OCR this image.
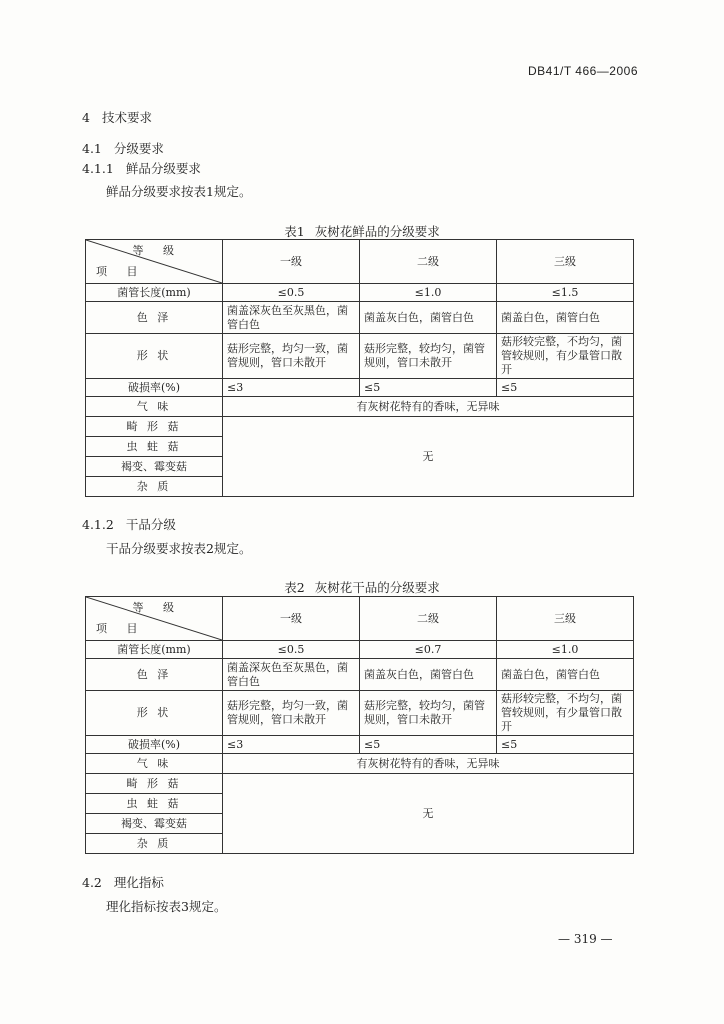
DB41/T 466—2006
4 技术要求
4.1 分级要求
4.1.1 鲜品分级要求
鲜品分级要求按表1规定。
表1 灰树花鲜品的分级要求
等 级
项 目	一级	二级	三级
菌管长度(mm)	≤0.5	≤1.0	≤1.5
色 泽	菌盖深灰色至灰黑色，菌管白色	菌盖灰白色，菌管白色	菌盖白色，菌管白色
形 状	菇形完整，均匀一致，菌管规则，管口未散开	菇形完整，较均匀，菌管规则，管口未散开	菇形较完整，不均匀，菌管较规则，有少量管口散开
破损率(%)	≤3	≤5	≤5
气 味	有灰树花特有的香味，无异味		
畸 形 菇	无		
虫 蛀 菇			
褐变、霉变菇			
杂 质			
4.1.2 干品分级
干品分级要求按表2规定。
表2 灰树花干品的分级要求
等 级
项 目	一级	二级	三级
菌管长度(mm)	≤0.5	≤0.7	≤1.0
色 泽	菌盖深灰色至灰黑色，菌管白色	菌盖灰白色，菌管白色	菌盖白色，菌管白色
形 状	菇形完整，均匀一致，菌管规则，管口未散开	菇形完整，较均匀，菌管规则，管口未散开	菇形较完整，不均匀，菌管较规则，有少量管口散开
破损率(%)	≤3	≤5	≤5
气 味	有灰树花特有的香味，无异味		
畸 形 菇	无		
虫 蛀 菇			
褐变、霉变菇			
杂 质			
4.2 理化指标
理化指标按表3规定。
— 319 —
